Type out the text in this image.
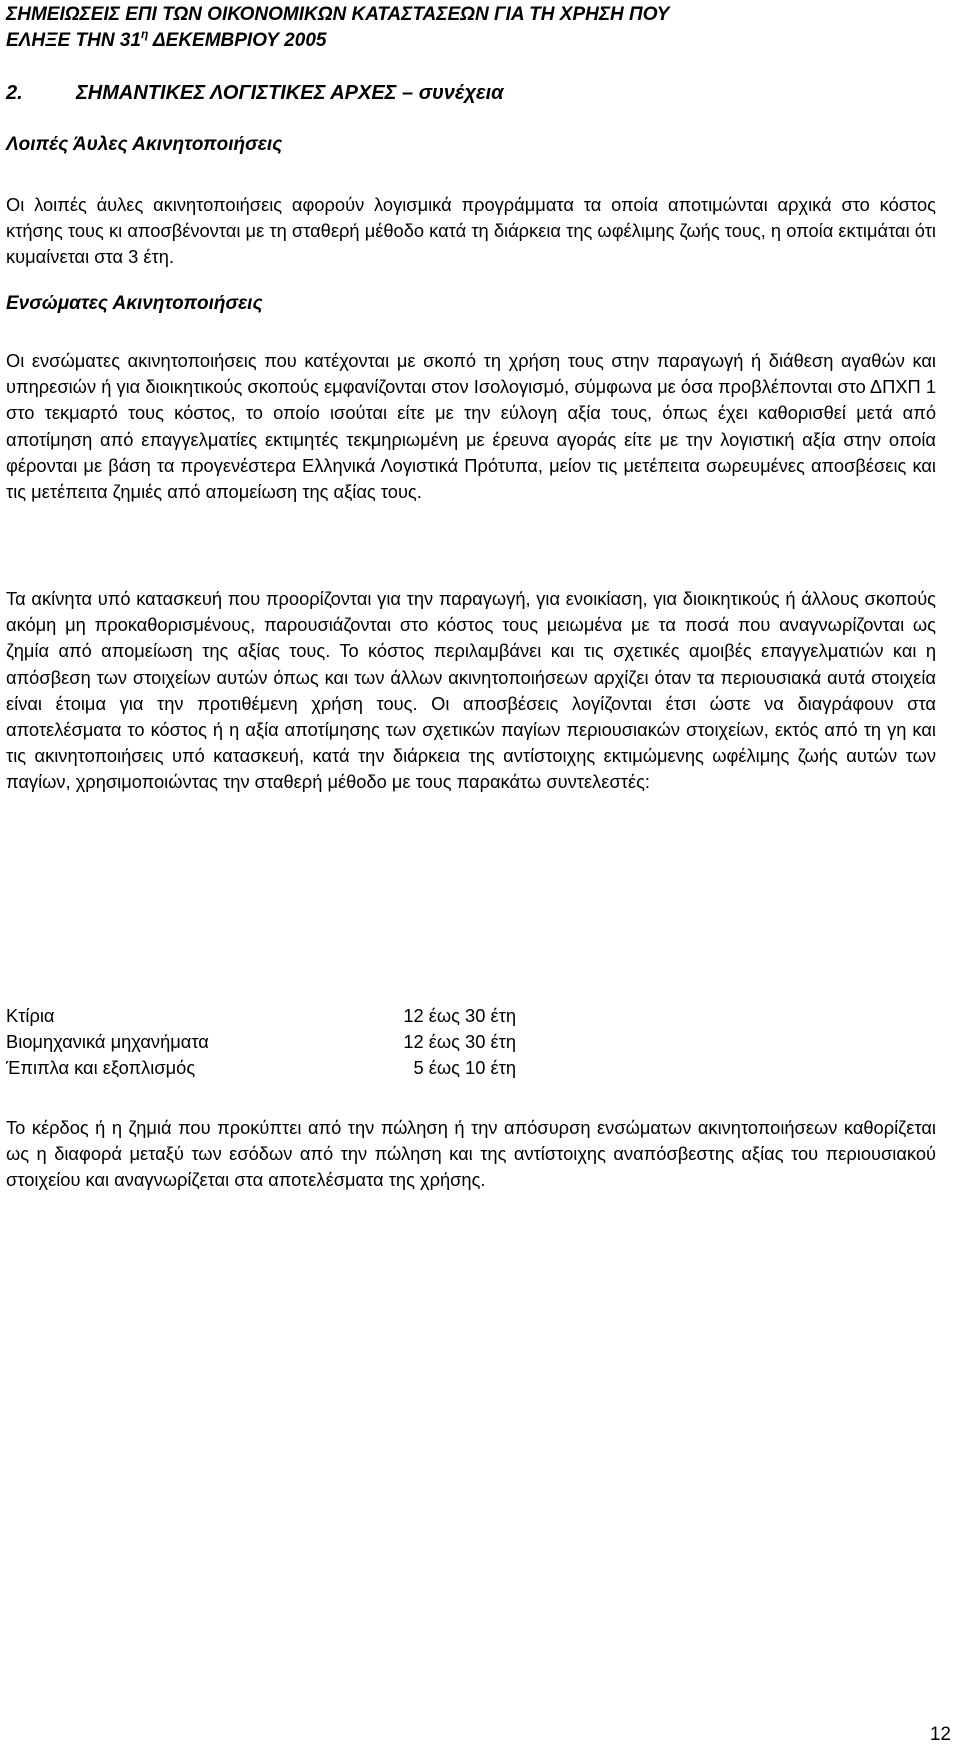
ΣΗΜΕΙΩΣΕΙΣ ΕΠΙ ΤΩΝ ΟΙΚΟΝΟΜΙΚΩΝ ΚΑΤΑΣΤΑΣΕΩΝ ΓΙΑ ΤΗ ΧΡΗΣΗ ΠΟΥ
ΕΛΗΞΕ ΤΗΝ $31^\eta$ ΔΕΚΕΜΒΡΙΟΥ 2005
2.	ΣΗΜΑΝΤΙΚΕΣ ΛΟΓΙΣΤΙΚΕΣ ΑΡΧΕΣ – συνέχεια
Λοιπές Άυλες Ακινητοποιήσεις
Οι λοιπές άυλες ακινητοποιήσεις αφορούν λογισμικά προγράμματα τα οποία αποτιμώνται αρχικά στο κόστος κτήσης τους κι αποσβένονται με τη σταθερή μέθοδο κατά τη διάρκεια της ωφέλιμης ζωής τους, η οποία εκτιμάται ότι κυμαίνεται στα 3 έτη.
Ενσώματες Ακινητοποιήσεις
Οι ενσώματες ακινητοποιήσεις που κατέχονται με σκοπό τη χρήση τους στην παραγωγή ή διάθεση αγαθών και υπηρεσιών ή για διοικητικούς σκοπούς εμφανίζονται στον Ισολογισμό, σύμφωνα με όσα προβλέπονται στο ΔΠΧΠ 1 στο τεκμαρτό τους κόστος, το οποίο ισούται είτε με την εύλογη αξία τους, όπως έχει καθορισθεί μετά από αποτίμηση από επαγγελματίες εκτιμητές τεκμηριωμένη με έρευνα αγοράς είτε με την λογιστική αξία στην οποία φέρονται με βάση τα προγενέστερα Ελληνικά Λογιστικά Πρότυπα, μείον τις μετέπειτα σωρευμένες αποσβέσεις και τις μετέπειτα ζημιές από απομείωση της αξίας τους.
Τα ακίνητα υπό κατασκευή που προορίζονται για την παραγωγή, για ενοικίαση, για διοικητικούς ή άλλους σκοπούς ακόμη μη προκαθορισμένους, παρουσιάζονται στο κόστος τους μειωμένα με τα ποσά που αναγνωρίζονται ως ζημία από απομείωση της αξίας τους. Το κόστος περιλαμβάνει και τις σχετικές αμοιβές επαγγελματιών και η απόσβεση των στοιχείων αυτών όπως και των άλλων ακινητοποιήσεων αρχίζει όταν τα περιουσιακά αυτά στοιχεία είναι έτοιμα για την προτιθέμενη χρήση τους. Οι αποσβέσεις λογίζονται έτσι ώστε να διαγράφουν στα αποτελέσματα το κόστος ή η αξία αποτίμησης των σχετικών παγίων περιουσιακών στοιχείων, εκτός από τη γη και τις ακινητοποιήσεις υπό κατασκευή, κατά την διάρκεια της αντίστοιχης εκτιμώμενης ωφέλιμης ζωής αυτών των παγίων, χρησιμοποιώντας την σταθερή μέθοδο με τους παρακάτω συντελεστές:
Κτίρια	12 έως 30 έτη
Βιομηχανικά μηχανήματα	12 έως 30 έτη
Έπιπλα και εξοπλισμός	5 έως 10 έτη
Το κέρδος ή η ζημιά που προκύπτει από την πώληση ή την απόσυρση ενσώματων ακινητοποιήσεων καθορίζεται ως η διαφορά μεταξύ των εσόδων από την πώληση και της αντίστοιχης αναπόσβεστης αξίας του περιουσιακού στοιχείου και αναγνωρίζεται στα αποτελέσματα της χρήσης.
12
